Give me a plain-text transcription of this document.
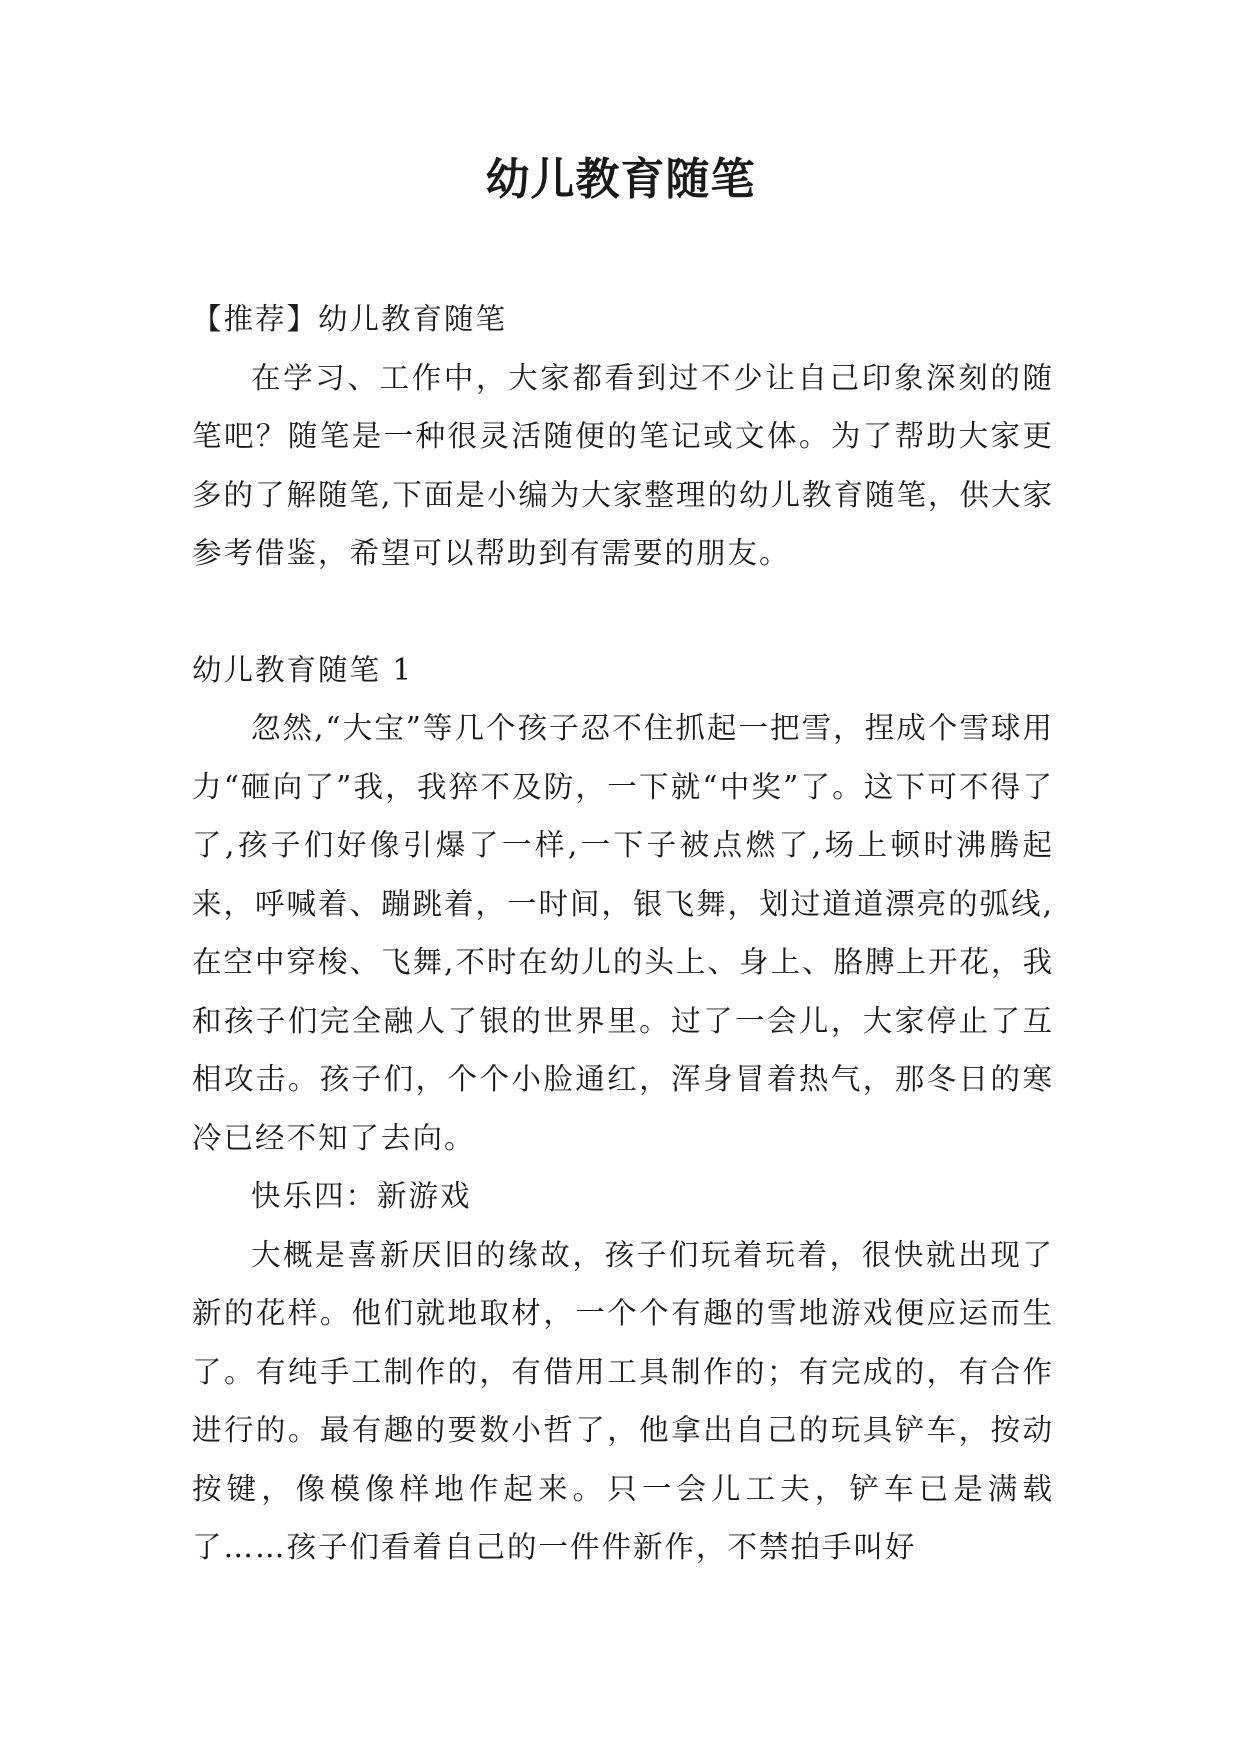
幼儿教育随笔

【推荐】幼儿教育随笔

在学习、工作中，大家都看到过不少让自己印象深刻的随笔吧？随笔是一种很灵活随便的笔记或文体。为了帮助大家更多的了解随笔,下面是小编为大家整理的幼儿教育随笔，供大家参考借鉴，希望可以帮助到有需要的朋友。

幼儿教育随笔 1

忽然,“大宝”等几个孩子忍不住抓起一把雪，捏成个雪球用力“砸向了”我，我猝不及防，一下就“中奖”了。这下可不得了了,孩子们好像引爆了一样,一下子被点燃了,场上顿时沸腾起来，呼喊着、蹦跳着，一时间，银飞舞，划过道道漂亮的弧线,在空中穿梭、飞舞,不时在幼儿的头上、身上、胳膊上开花，我和孩子们完全融人了银的世界里。过了一会儿，大家停止了互相攻击。孩子们，个个小脸通红，浑身冒着热气，那冬日的寒冷已经不知了去向。

快乐四：新游戏

大概是喜新厌旧的缘故，孩子们玩着玩着，很快就出现了新的花样。他们就地取材，一个个有趣的雪地游戏便应运而生了。有纯手工制作的，有借用工具制作的；有完成的，有合作进行的。最有趣的要数小哲了，他拿出自己的玩具铲车，按动按键，像模像样地作起来。只一会儿工夫，铲车已是满载了……孩子们看着自己的一件件新作，不禁拍手叫好
